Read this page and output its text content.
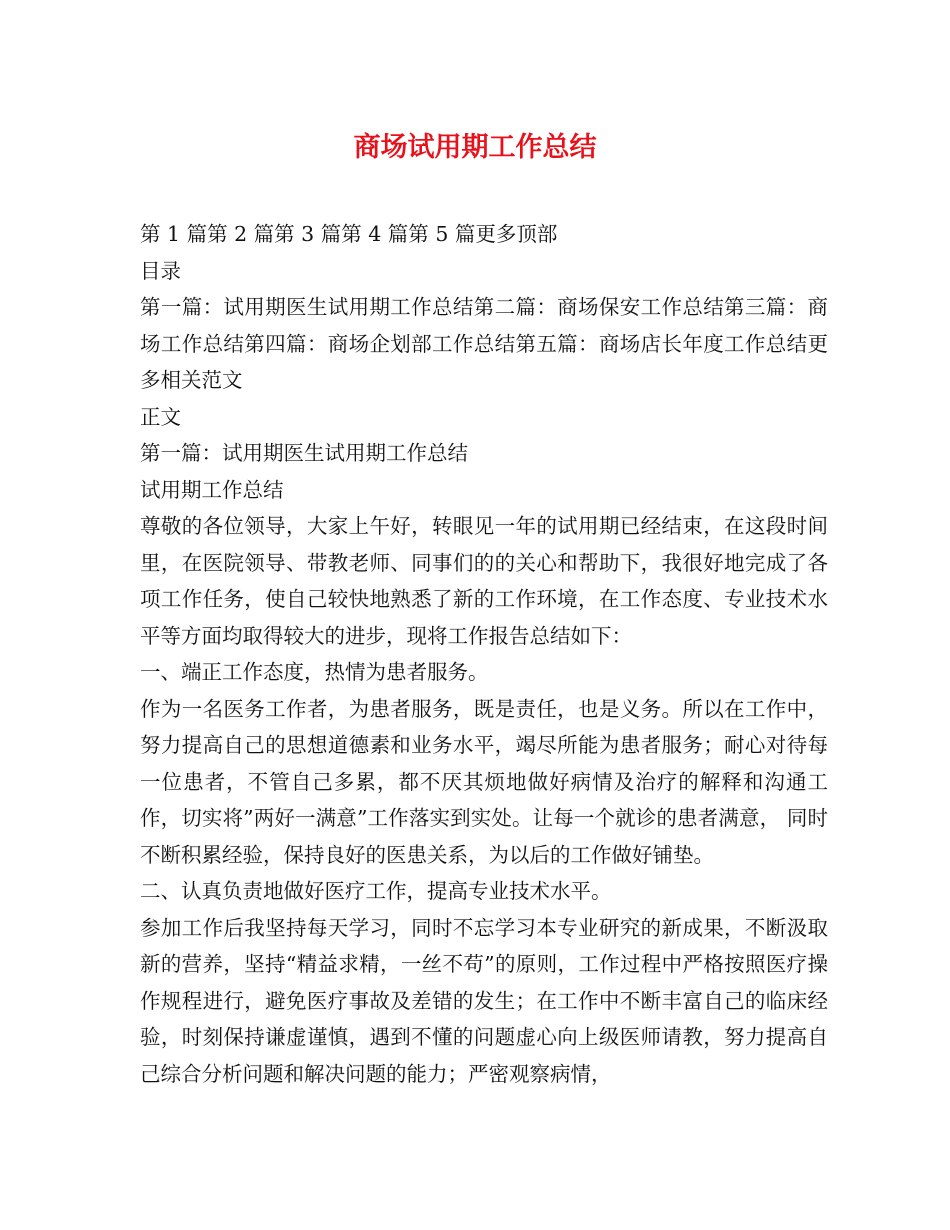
商场试用期工作总结

第 1 篇第 2 篇第 3 篇第 4 篇第 5 篇更多顶部

目录

第一篇：试用期医生试用期工作总结第二篇：商场保安工作总结第三篇：商场工作总结第四篇：商场企划部工作总结第五篇：商场店长年度工作总结更多相关范文

正文

第一篇：试用期医生试用期工作总结

试用期工作总结

尊敬的各位领导，大家上午好，转眼见一年的试用期已经结束，在这段时间里，在医院领导、带教老师、同事们的的关心和帮助下，我很好地完成了各项工作任务，使自己较快地熟悉了新的工作环境，在工作态度、专业技术水平等方面均取得较大的进步，现将工作报告总结如下：

一、端正工作态度，热情为患者服务。

作为一名医务工作者，为患者服务，既是责任，也是义务。所以在工作中，努力提高自己的思想道德素和业务水平，竭尽所能为患者服务；耐心对待每一位患者，不管自己多累，都不厌其烦地做好病情及治疗的解释和沟通工作，切实将”两好一满意”工作落实到实处。让每一个就诊的患者满意， 同时不断积累经验，保持良好的医患关系，为以后的工作做好铺垫。

二、认真负责地做好医疗工作，提高专业技术水平。

参加工作后我坚持每天学习，同时不忘学习本专业研究的新成果，不断汲取新的营养，坚持“精益求精，一丝不苟”的原则，工作过程中严格按照医疗操作规程进行，避免医疗事故及差错的发生；在工作中不断丰富自己的临床经验，时刻保持谦虚谨慎，遇到不懂的问题虚心向上级医师请教，努力提高自己综合分析问题和解决问题的能力；严密观察病情，
